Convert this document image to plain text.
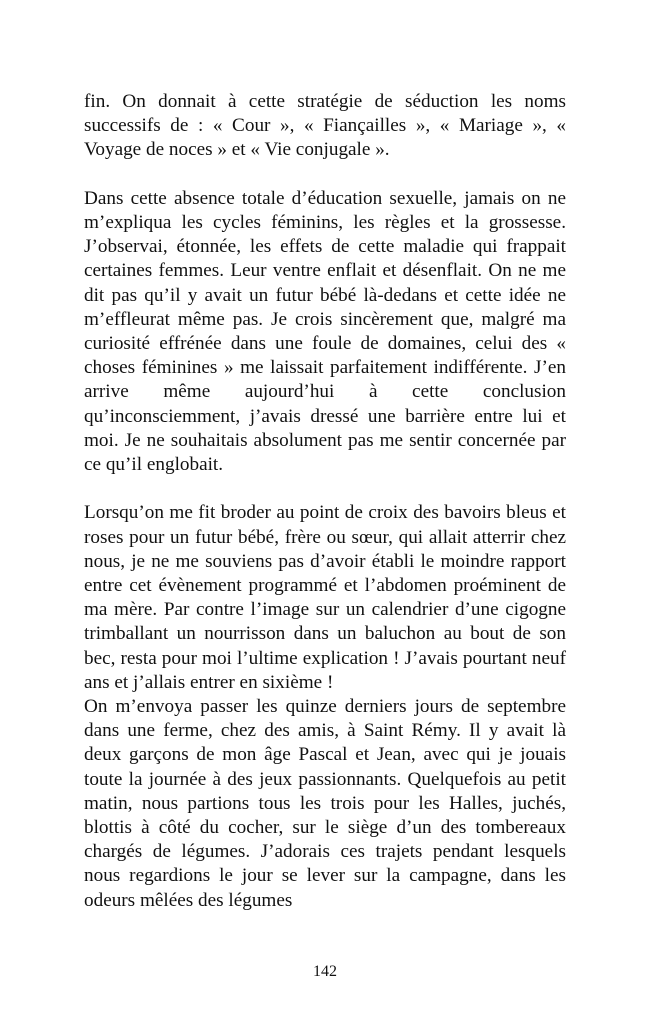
fin. On donnait à cette stratégie de séduction les noms successifs de : « Cour », « Fiançailles », « Mariage », « Voyage de noces » et « Vie conjugale ».

Dans cette absence totale d’éducation sexuelle, jamais on ne m’expliqua les cycles féminins, les règles et la grossesse. J’observai, étonnée, les effets de cette maladie qui frappait certaines femmes. Leur ventre enflait et désenflait. On ne me dit pas qu’il y avait un futur bébé là-dedans et cette idée ne m’effleurat même pas. Je crois sincèrement que, malgré ma curiosité effrénée dans une foule de domaines, celui des « choses féminines » me laissait parfaitement indifférente. J’en arrive même aujourd’hui à cette conclusion qu’inconsciemment, j’avais dressé une barrière entre lui et moi. Je ne souhaitais absolument pas me sentir concernée par ce qu’il englobait.

Lorsqu’on me fit broder au point de croix des bavoirs bleus et roses pour un futur bébé, frère ou sœur, qui allait atterrir chez nous, je ne me souviens pas d’avoir établi le moindre rapport entre cet évènement programmé et l’abdomen proéminent de ma mère. Par contre l’image sur un calendrier d’une cigogne trimballant un nourrisson dans un baluchon au bout de son bec, resta pour moi l’ultime explication ! J’avais pourtant neuf ans et j’allais entrer en sixième !

On m’envoya passer les quinze derniers jours de septembre dans une ferme, chez des amis, à Saint Rémy. Il y avait là deux garçons de mon âge Pascal et Jean, avec qui je jouais toute la journée à des jeux passionnants. Quelquefois au petit matin, nous partions tous les trois pour les Halles, juchés, blottis à côté du cocher, sur le siège d’un des tombereaux chargés de légumes. J’adorais ces trajets pendant lesquels nous regardions le jour se lever sur la campagne, dans les odeurs mêlées des légumes

142
